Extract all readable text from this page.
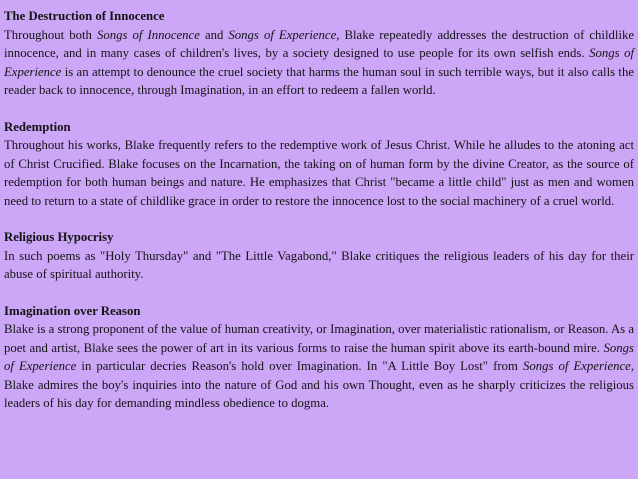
The Destruction of Innocence
Throughout both Songs of Innocence and Songs of Experience, Blake repeatedly addresses the destruction of childlike innocence, and in many cases of children's lives, by a society designed to use people for its own selfish ends. Songs of Experience is an attempt to denounce the cruel society that harms the human soul in such terrible ways, but it also calls the reader back to innocence, through Imagination, in an effort to redeem a fallen world.
Redemption
Throughout his works, Blake frequently refers to the redemptive work of Jesus Christ. While he alludes to the atoning act of Christ Crucified. Blake focuses on the Incarnation, the taking on of human form by the divine Creator, as the source of redemption for both human beings and nature. He emphasizes that Christ "became a little child" just as men and women need to return to a state of childlike grace in order to restore the innocence lost to the social machinery of a cruel world.
Religious Hypocrisy
In such poems as "Holy Thursday" and "The Little Vagabond," Blake critiques the religious leaders of his day for their abuse of spiritual authority.
Imagination over Reason
Blake is a strong proponent of the value of human creativity, or Imagination, over materialistic rationalism, or Reason. As a poet and artist, Blake sees the power of art in its various forms to raise the human spirit above its earth-bound mire. Songs of Experience in particular decries Reason's hold over Imagination. In "A Little Boy Lost" from Songs of Experience, Blake admires the boy's inquiries into the nature of God and his own Thought, even as he sharply criticizes the religious leaders of his day for demanding mindless obedience to dogma.
